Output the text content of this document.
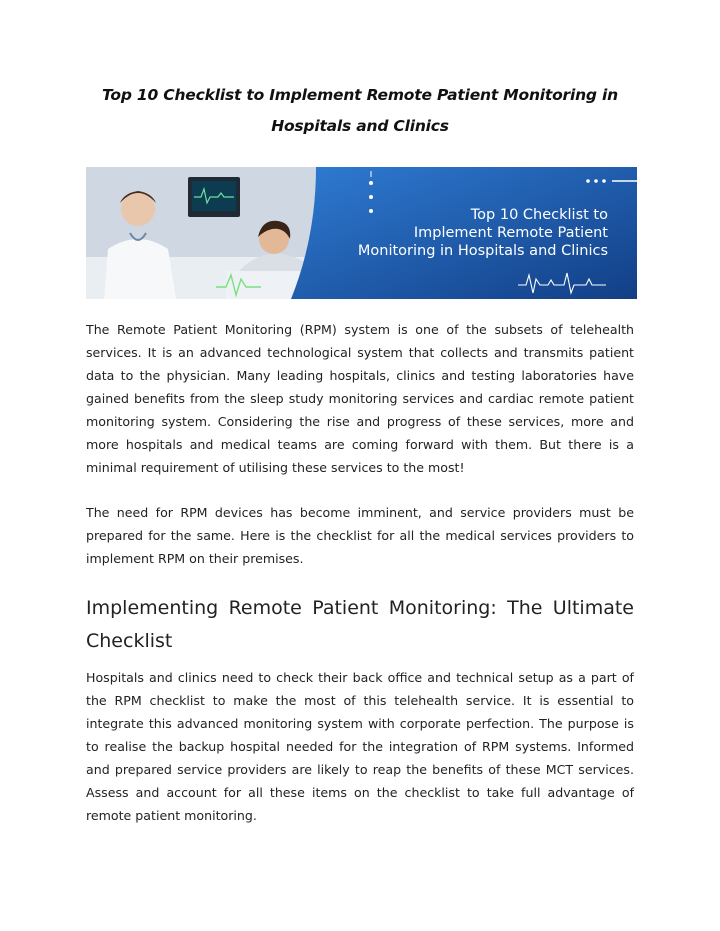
Top 10 Checklist to Implement Remote Patient Monitoring in Hospitals and Clinics
Top 10 Checklist to
Implement Remote Patient
Monitoring in Hospitals and Clinics

The Remote Patient Monitoring (RPM) system is one of the subsets of telehealth services. It is an advanced technological system that collects and transmits patient data to the physician. Many leading hospitals, clinics and testing laboratories have gained benefits from the sleep study monitoring services and cardiac remote patient monitoring system. Considering the rise and progress of these services, more and more hospitals and medical teams are coming forward with them. But there is a minimal requirement of utilising these services to the most!

The need for RPM devices has become imminent, and service providers must be prepared for the same. Here is the checklist for all the medical services providers to implement RPM on their premises.

Implementing Remote Patient Monitoring: The Ultimate Checklist

Hospitals and clinics need to check their back office and technical setup as a part of the RPM checklist to make the most of this telehealth service. It is essential to integrate this advanced monitoring system with corporate perfection. The purpose is to realise the backup hospital needed for the integration of RPM systems. Informed and prepared service providers are likely to reap the benefits of these MCT services. Assess and account for all these items on the checklist to take full advantage of remote patient monitoring.
